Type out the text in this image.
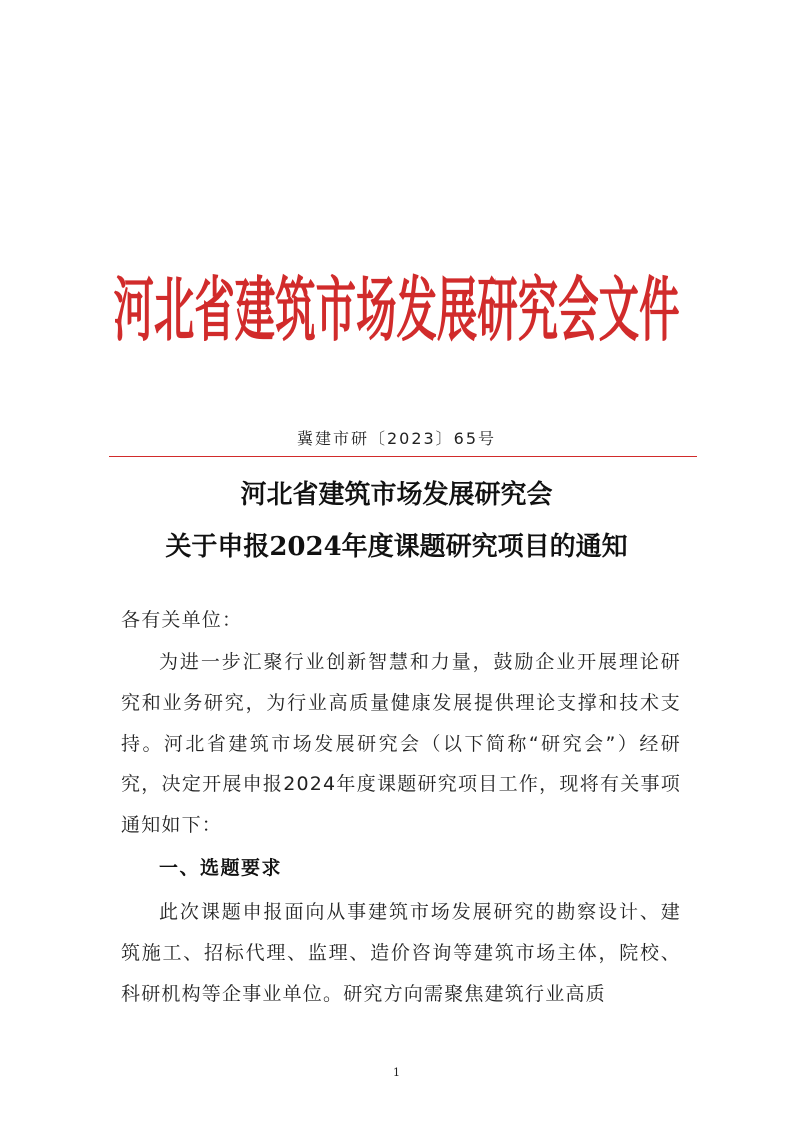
河北省建筑市场发展研究会文件
冀建市研〔2023〕65号
河北省建筑市场发展研究会
关于申报2024年度课题研究项目的通知
各有关单位：
为进一步汇聚行业创新智慧和力量，鼓励企业开展理论研究和业务研究，为行业高质量健康发展提供理论支撑和技术支持。河北省建筑市场发展研究会（以下简称“研究会”）经研究，决定开展申报2024年度课题研究项目工作，现将有关事项通知如下：
一、选题要求
此次课题申报面向从事建筑市场发展研究的勘察设计、建筑施工、招标代理、监理、造价咨询等建筑市场主体，院校、科研机构等企事业单位。研究方向需聚焦建筑行业高质
1
